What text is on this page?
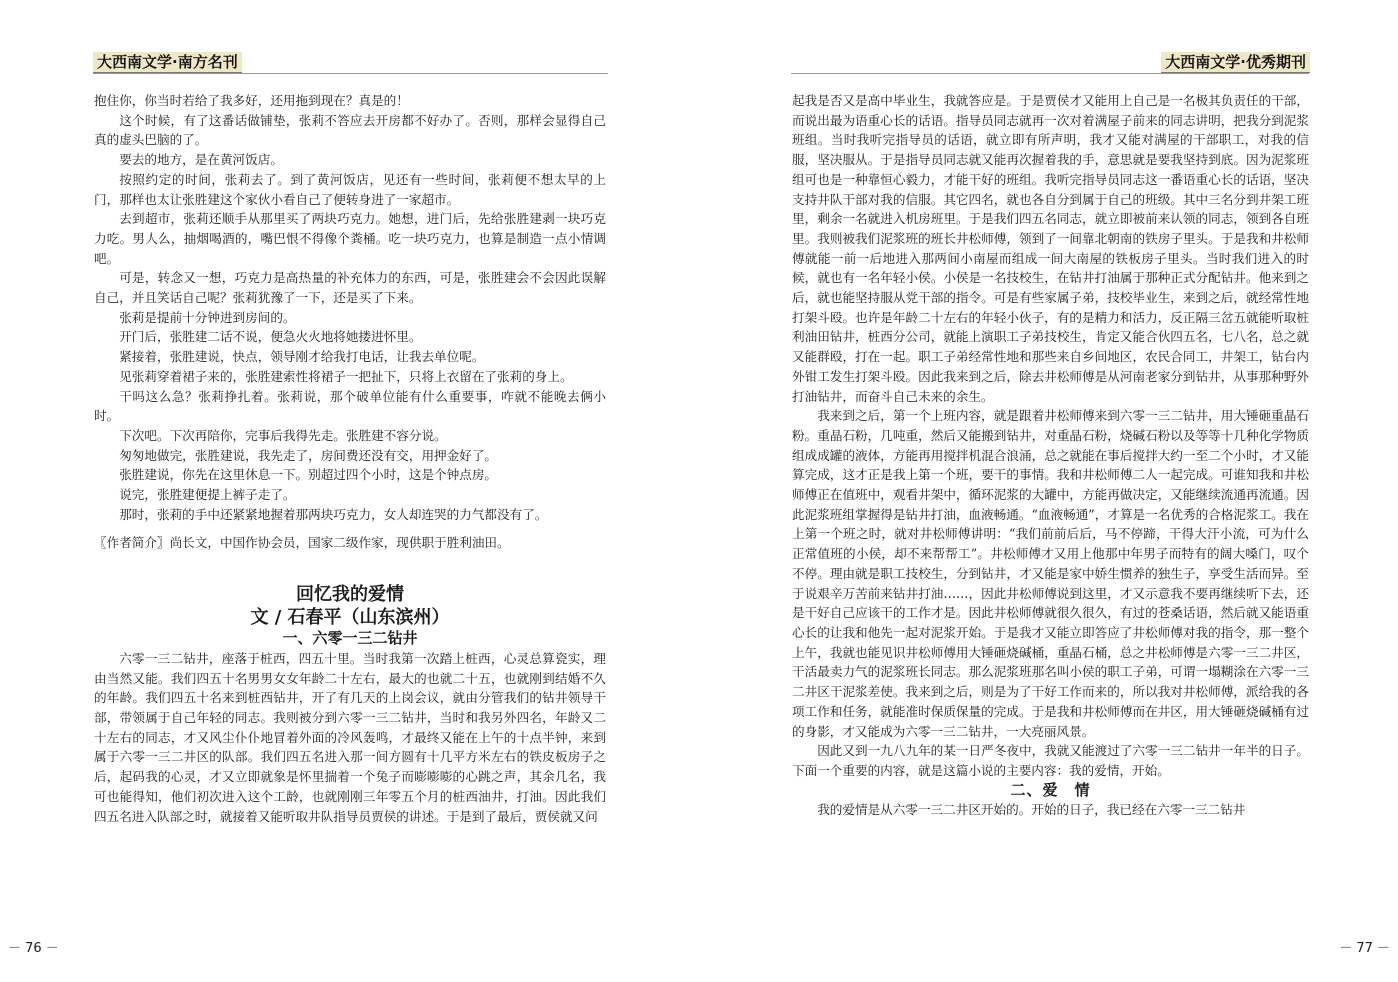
大西南文学·南方名刊

抱住你，你当时若给了我多好，还用拖到现在？真是的！

这个时候，有了这番话做铺垫，张莉不答应去开房都不好办了。否则，那样会显得自己真的虚头巴脑的了。

要去的地方，是在黄河饭店。

按照约定的时间，张莉去了。到了黄河饭店，见还有一些时间，张莉便不想太早的上门，那样也太让张胜建这个家伙小看自己了便转身进了一家超市。

去到超市，张莉还顺手从那里买了两块巧克力。她想，进门后，先给张胜建剥一块巧克力吃。男人么，抽烟喝酒的，嘴巴恨不得像个粪桶。吃一块巧克力，也算是制造一点小情调吧。

可是，转念又一想，巧克力是高热量的补充体力的东西，可是，张胜建会不会因此误解自己，并且笑话自己呢？张莉犹豫了一下，还是买了下来。

张莉是提前十分钟进到房间的。

开门后，张胜建二话不说，便急火火地将她搂进怀里。

紧接着，张胜建说，快点，领导刚才给我打电话，让我去单位呢。

见张莉穿着裙子来的，张胜建索性将裙子一把扯下，只将上衣留在了张莉的身上。

干吗这么急？张莉挣扎着。张莉说，那个破单位能有什么重要事，咋就不能晚去俩小时。

下次吧。下次再陪你，完事后我得先走。张胜建不容分说。

匆匆地做完，张胜建说，我先走了，房间费还没有交，用押金好了。

张胜建说，你先在这里休息一下。别超过四个小时，这是个钟点房。

说完，张胜建便提上裤子走了。

那时，张莉的手中还紧紧地握着那两块巧克力，女人却连哭的力气都没有了。

〖作者简介〗尚长文，中国作协会员，国家二级作家，现供职于胜利油田。

回忆我的爱情
文 / 石春平（山东滨州）

一、六零一三二钻井

六零一三二钻井，座落于桩西，四五十里。当时我第一次踏上桩西，心灵总算瓷实，理由当然又能。我们四五十名男男女女年龄二十左右，最大的也就二十五，也就刚到结婚不久的年龄。我们四五十名来到桩西钻井，开了有几天的上岗会议，就由分管我们的钻井领导干部，带领属于自己年轻的同志。我则被分到六零一三二钻井，当时和我另外四名，年龄又二十左右的同志，才又风尘仆仆地冒着外面的冷风轰鸣，才最终又能在上午的十点半钟，来到属于六零一三二井区的队部。我们四五名进入那一间方圆有十几平方米左右的铁皮板房子之后，起码我的心灵，才又立即就象是怀里揣着一个兔子而嘭嘭嘭的心跳之声，其余几名，我可也能得知，他们初次进入这个工龄，也就刚刚三年零五个月的桩西油井，打油。因此我们四五名进入队部之时，就接着又能听取井队指导员贾侯的讲述。于是到了最后，贾侯就又问

－ 76 －
大西南文学·优秀期刊

起我是否又是高中毕业生，我就答应是。于是贾侯才又能用上自己是一名极其负责任的干部，而说出最为语重心长的话语。指导员同志就再一次对着满屋子前来的同志讲明，把我分到泥浆班组。当时我听完指导员的话语，就立即有所声明，我才又能对满屋的干部职工，对我的信服，坚决服从。于是指导员同志就又能再次握着我的手，意思就是要我坚持到底。因为泥浆班组可也是一种靠恒心毅力，才能干好的班组。我听完指导员同志这一番语重心长的话语，坚决支持井队干部对我的信服。其它四名，就也各自分到属于自己的班级。其中三名分到井架工班里，剩余一名就进入机房班里。于是我们四五名同志，就立即被前来认领的同志，领到各自班里。我则被我们泥浆班的班长井松师傅，领到了一间靠北朝南的铁房子里头。于是我和井松师傅就能一前一后地进入那两间小南屋而组成一间大南屋的铁板房子里头。当时我们进入的时候，就也有一名年轻小侯。小侯是一名技校生，在钻井打油属于那种正式分配钻井。他来到之后，就也能坚持服从党干部的指令。可是有些家属子弟，技校毕业生，来到之后，就经常性地打架斗殴。也许是年龄二十左右的年轻小伙子，有的是精力和活力，反正隔三岔五就能听取桩利油田钻井，桩西分公司，就能上演职工子弟技校生，肯定又能合伙四五名，七八名，总之就又能群殴，打在一起。职工子弟经常性地和那些来自乡间地区，农民合同工，井架工，钻台内外钳工发生打架斗殴。因此我来到之后，除去井松师傅是从河南老家分到钻井，从事那种野外打油钻井，而奋斗自己未来的余生。

我来到之后，第一个上班内容，就是跟着井松师傅来到六零一三二钻井，用大锤砸重晶石粉。重晶石粉，几吨重，然后又能搬到钻井，对重晶石粉，烧碱石粉以及等等十几种化学物质组成成罐的液体，方能再用搅拌机混合浪涌，总之就能在事后搅拌大约一至二个小时，才又能算完成，这才正是我上第一个班，要干的事情。我和井松师傅二人一起完成。可谁知我和井松师傅正在值班中，观看井架中，循环泥浆的大罐中，方能再做决定，又能继续流通再流通。因此泥浆班组掌握得是钻井打油，血液畅通。“血液畅通”，才算是一名优秀的合格泥浆工。我在上第一个班之时，就对井松师傅讲明：“我们前前后后，马不停蹄，干得大汗小流，可为什么正常值班的小侯，却不来帮帮工”。井松师傅才又用上他那中年男子而特有的阔大嗓门，叹个不停。理由就是职工技校生，分到钻井，才又能是家中娇生惯养的独生子，享受生活而异。至于说艰辛万苦前来钻井打油……，因此井松师傅说到这里，才又示意我不要再继续听下去，还是干好自己应该干的工作才是。因此井松师傅就很久很久，有过的苍桑话语，然后就又能语重心长的让我和他先一起对泥浆开始。于是我才又能立即答应了井松师傅对我的指令，那一整个上午，我就也能见识井松师傅用大锤砸烧碱桶，重晶石桶，总之井松师傅是六零一三二井区，干活最卖力气的泥浆班长同志。那么泥浆班那名叫小侯的职工子弟，可谓一塌糊涂在六零一三二井区干泥浆差使。我来到之后，则是为了干好工作而来的，所以我对井松师傅，派给我的各项工作和任务，就能准时保质保量的完成。于是我和井松师傅而在井区，用大锤砸烧碱桶有过的身影，才又能成为六零一三二钻井，一大亮丽风景。

因此又到一九八九年的某一日严冬夜中，我就又能渡过了六零一三二钻井一年半的日子。下面一个重要的内容，就是这篇小说的主要内容：我的爱情，开始。

二、爱　情

我的爱情是从六零一三二井区开始的。开始的日子，我已经在六零一三二钻井

－ 77 －
